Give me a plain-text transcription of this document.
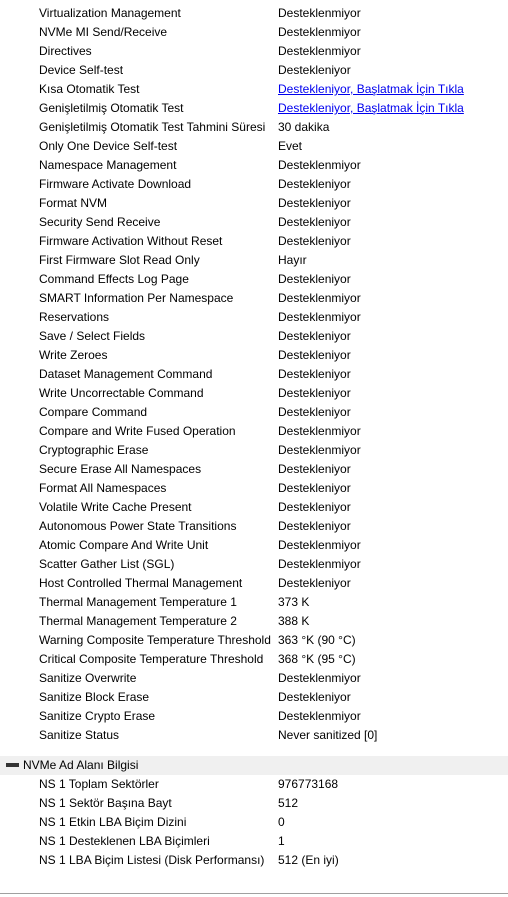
Virtualization Management	Desteklenmiyor
NVMe MI Send/Receive	Desteklenmiyor
Directives	Desteklenmiyor
Device Self-test	Destekleniyor
Kısa Otomatik Test	Destekleniyor, Başlatmak İçin Tıkla
Genişletilmiş Otomatik Test	Destekleniyor, Başlatmak İçin Tıkla
Genişletilmiş Otomatik Test Tahmini Süresi 30 dakika
Only One Device Self-test	Evet
Namespace Management	Desteklenmiyor
Firmware Activate Download	Destekleniyor
Format NVM	Destekleniyor
Security Send Receive	Destekleniyor
Firmware Activation Without Reset	Destekleniyor
First Firmware Slot Read Only	Hayır
Command Effects Log Page	Destekleniyor
SMART Information Per Namespace	Desteklenmiyor
Reservations	Desteklenmiyor
Save / Select Fields	Destekleniyor
Write Zeroes	Destekleniyor
Dataset Management Command	Destekleniyor
Write Uncorrectable Command	Destekleniyor
Compare Command	Destekleniyor
Compare and Write Fused Operation	Desteklenmiyor
Cryptographic Erase	Desteklenmiyor
Secure Erase All Namespaces	Destekleniyor
Format All Namespaces	Destekleniyor
Volatile Write Cache Present	Destekleniyor
Autonomous Power State Transitions	Destekleniyor
Atomic Compare And Write Unit	Desteklenmiyor
Scatter Gather List (SGL)	Desteklenmiyor
Host Controlled Thermal Management	Destekleniyor
Thermal Management Temperature 1	373 K
Thermal Management Temperature 2	388 K
Warning Composite Temperature Threshold 363 °K (90 °C)
Critical Composite Temperature Threshold 368 °K (95 °C)
Sanitize Overwrite	Desteklenmiyor
Sanitize Block Erase	Destekleniyor
Sanitize Crypto Erase	Desteklenmiyor
Sanitize Status	Never sanitized [0]
NVMe Ad Alanı Bilgisi
NS 1 Toplam Sektörler	976773168
NS 1 Sektör Başına Bayt	512
NS 1 Etkin LBA Biçim Dizini	0
NS 1 Desteklenen LBA Biçimleri	1
NS 1 LBA Biçim Listesi (Disk Performansı) 512 (En iyi)
